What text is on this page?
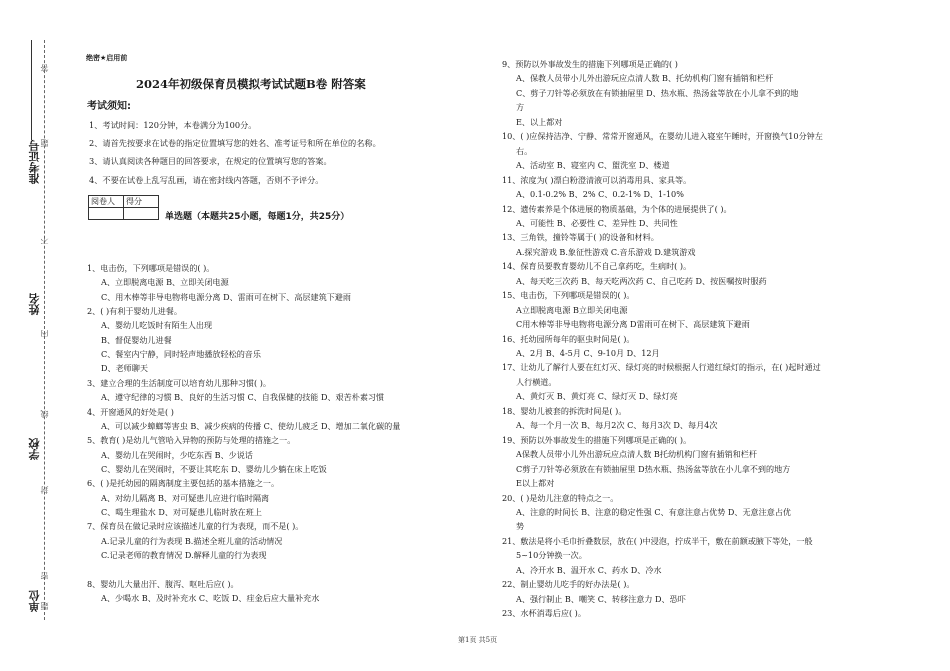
准考证号
姓名
学校
单位
答
题
不
内
线
封
密
题
绝密★启用前
2024年初级保育员模拟考试试题B卷 附答案
考试须知:
1、考试时间：120分钟，本卷满分为100分。
2、请首先按要求在试卷的指定位置填写您的姓名、准考证号和所在单位的名称。
3、请认真阅读各种题目的回答要求，在规定的位置填写您的答案。
4、不要在试卷上乱写乱画，请在密封线内答题，否则不予评分。
阅卷人	得分

单选题（本题共25小题，每题1分，共25分）
1、电击伤，下列哪项是错误的( )。
A、立即脱离电源 B、立即关闭电源
C、用木棒等非导电物将电源分离 D、雷雨可在树下、高层建筑下避雨
2、( )有利于婴幼儿进餐。
A、婴幼儿吃饭时有陌生人出现
B、督促婴幼儿进餐
C、餐室内宁静，同时轻声地播放轻松的音乐
D、老师聊天
3、建立合理的生活制度可以培育幼儿那种习惯( )。
A、遵守纪律的习惯 B、良好的生活习惯 C、自我保健的技能 D、艰苦朴素习惯
4、开窗通风的好处是( )
A、可以减少蟑螂等害虫 B、减少疾病的传播 C、使幼儿疲乏 D、增加二氧化碳的量
5、教育( )是幼儿气管哈入异物的预防与处理的措施之一。
A、婴幼儿在哭闹时，少吃东西 B、少说话
C、婴幼儿在哭闹时，不要让其吃东 D、婴幼儿少躺在床上吃饭
6、( )是托幼园的隔离制度主要包括的基本措施之一。
A、对幼儿隔离 B、对可疑患儿应进行临时隔离
C、喝生理盐水 D、对可疑患儿临时放在班上
7、保育员在做记录时应该描述儿童的行为表现，而不是( )。
A.记录儿童的行为表现 B.描述全班儿童的活动情况
C.记录老师的教育情况 D.解释儿童的行为表现
8、婴幼儿大量出汗、腹泻、呕吐后应( )。
A、少喝水 B、及时补充水 C、吃饭 D、疰金后应大量补充水
9、预防以外事故发生的措施下列哪项是正确的( )
A、保教人员带小儿外出游玩应点清人数 B、托幼机构门窗有插销和栏杆
C、剪子刀针等必须放在有锁抽屉里 D、热水瓶、热汤盆等放在小儿拿不到的地
方
E、以上都对
10、( )应保持洁净、宁静、常常开窗通风，在婴幼儿进入寝室午睡时，开窗换气10分钟左
右。
A、活动室 B、寝室内 C、盥洗室 D、楼道
11、浓度为( )漂白粉澄清液可以消毒用具、家具等。
A、0.1-0.2% B、2% C、0.2-1% D、1-10%
12、遗传素养是个体进展的物质基础，为个体的进展提供了( )。
A、可能性 B、必要性 C、差异性 D、共同性
13、三角铁，撞铃等属于( )的设备和材料。
A.探究游戏 B.象征性游戏 C.音乐游戏 D.建筑游戏
14、保育员要教育婴幼儿不自己拿药吃，生病时( )。
A、每天吃三次药 B、每天吃两次药 C、自己吃药 D、按医嘱按时服药
15、电击伤，下列哪项是错误的( )。
A立即脱离电源 B立即关闭电源
C用木棒等非导电物将电源分离 D雷雨可在树下、高层建筑下避雨
16、托幼园所每年的驱虫时间是( )。
A、2月 B、4-5月 C、9-10月 D、12月
17、让幼儿了解行人要在红灯灭、绿灯亮的时候根据人行道红绿灯的指示，在( )起时通过
人行横道。
A、黄灯灭 B、黄灯亮 C、绿灯灭 D、绿灯亮
18、婴幼儿被套的拆洗时间是( )。
A、每一个月一次 B、每月2次 C、每月3次 D、每月4次
19、预防以外事故发生的措施下列哪项是正确的( )。
A保教人员带小儿外出游玩应点清人数 B托幼机构门窗有插销和栏杆
C剪子刀针等必须放在有锁抽屉里 D热水瓶、热汤盆等放在小儿拿不到的地方
E以上都对
20、( )是幼儿注意的特点之一。
A、注意的时间长 B、注意的稳定性强 C、有意注意占优势 D、无意注意占优
势
21、敷法是将小毛巾折叠数层，放在( )中浸泡，拧成半干，敷在前额或腋下等处，一般
5~10分钟换一次。
A、冷开水 B、温开水 C、药水 D、冷水
22、制止婴幼儿吃手的好办法是( )。
A、强行制止 B、嘲笑 C、转移注意力 D、恐吓
23、水杯消毒后应( )。
第1页 共5页
